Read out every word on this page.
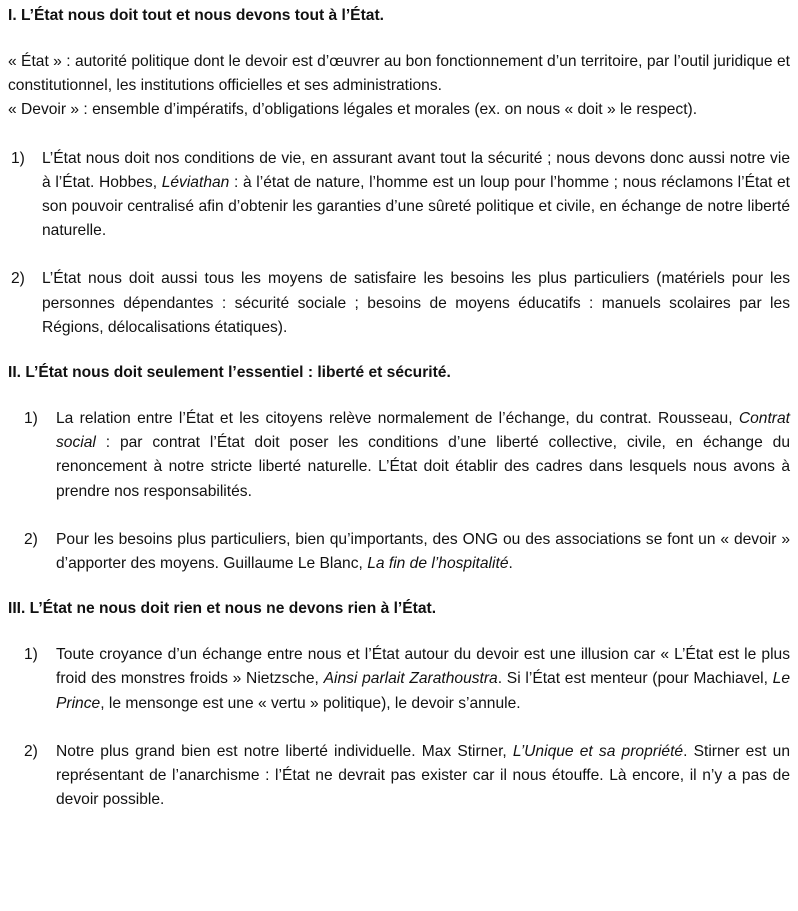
I. L’État nous doit tout et nous devons tout à l’État.

« État » : autorité politique dont le devoir est d’œuvrer au bon fonctionnement d’un territoire, par l’outil juridique et constitutionnel, les institutions officielles et ses administrations.

« Devoir » : ensemble d’impératifs, d’obligations légales et morales (ex. on nous « doit » le respect).

1) L’État nous doit nos conditions de vie, en assurant avant tout la sécurité ; nous devons donc aussi notre vie à l’État. Hobbes, Léviathan : à l’état de nature, l’homme est un loup pour l’homme ; nous réclamons l’État et son pouvoir centralisé afin d’obtenir les garanties d’une sûreté politique et civile, en échange de notre liberté naturelle.
2) L’État nous doit aussi tous les moyens de satisfaire les besoins les plus particuliers (matériels pour les personnes dépendantes : sécurité sociale ; besoins de moyens éducatifs : manuels scolaires par les Régions, délocalisations étatiques).
II. L’État nous doit seulement l’essentiel : liberté et sécurité.
1) La relation entre l’État et les citoyens relève normalement de l’échange, du contrat. Rousseau, Contrat social : par contrat l’État doit poser les conditions d’une liberté collective, civile, en échange du renoncement à notre stricte liberté naturelle. L’État doit établir des cadres dans lesquels nous avons à prendre nos responsabilités.
2) Pour les besoins plus particuliers, bien qu’importants, des ONG ou des associations se font un « devoir » d’apporter des moyens. Guillaume Le Blanc, La fin de l’hospitalité.
III. L’État ne nous doit rien et nous ne devons rien à l’État.
1) Toute croyance d’un échange entre nous et l’État autour du devoir est une illusion car « L’État est le plus froid des monstres froids » Nietzsche, Ainsi parlait Zarathoustra. Si l’État est menteur (pour Machiavel, Le Prince, le mensonge est une « vertu » politique), le devoir s’annule.
2) Notre plus grand bien est notre liberté individuelle. Max Stirner, L’Unique et sa propriété. Stirner est un représentant de l’anarchisme : l’État ne devrait pas exister car il nous étouffe. Là encore, il n’y a pas de devoir possible.
